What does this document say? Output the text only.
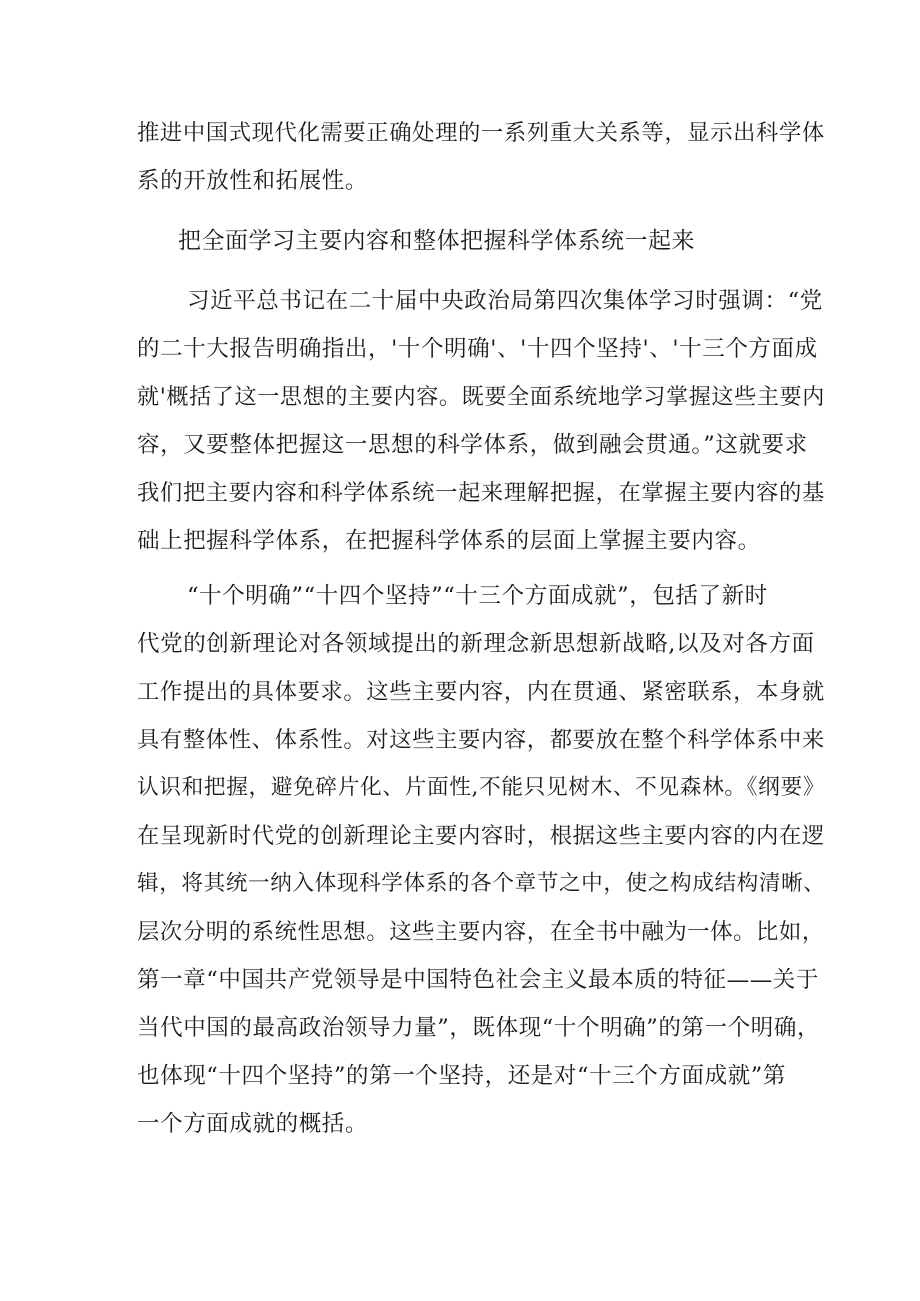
推进中国式现代化需要正确处理的一系列重大关系等，显示出科学体
系的开放性和拓展性。
把全面学习主要内容和整体把握科学体系统一起来
习近平总书记在二十届中央政治局第四次集体学习时强调：“党
的二十大报告明确指出，'十个明确'、'十四个坚持'、'十三个方面成
就'概括了这一思想的主要内容。既要全面系统地学习掌握这些主要内
容，又要整体把握这一思想的科学体系，做到融会贯通。”这就要求
我们把主要内容和科学体系统一起来理解把握，在掌握主要内容的基
础上把握科学体系，在把握科学体系的层面上掌握主要内容。
“十个明确”“十四个坚持”“十三个方面成就”，包括了新时
代党的创新理论对各领域提出的新理念新思想新战略,以及对各方面
工作提出的具体要求。这些主要内容，内在贯通、紧密联系，本身就
具有整体性、体系性。对这些主要内容，都要放在整个科学体系中来
认识和把握，避免碎片化、片面性,不能只见树木、不见森林。《纲要》
在呈现新时代党的创新理论主要内容时，根据这些主要内容的内在逻
辑，将其统一纳入体现科学体系的各个章节之中，使之构成结构清晰、
层次分明的系统性思想。这些主要内容，在全书中融为一体。比如，
第一章“中国共产党领导是中国特色社会主义最本质的特征——关于
当代中国的最高政治领导力量”，既体现“十个明确”的第一个明确，
也体现“十四个坚持”的第一个坚持，还是对“十三个方面成就”第
一个方面成就的概括。
